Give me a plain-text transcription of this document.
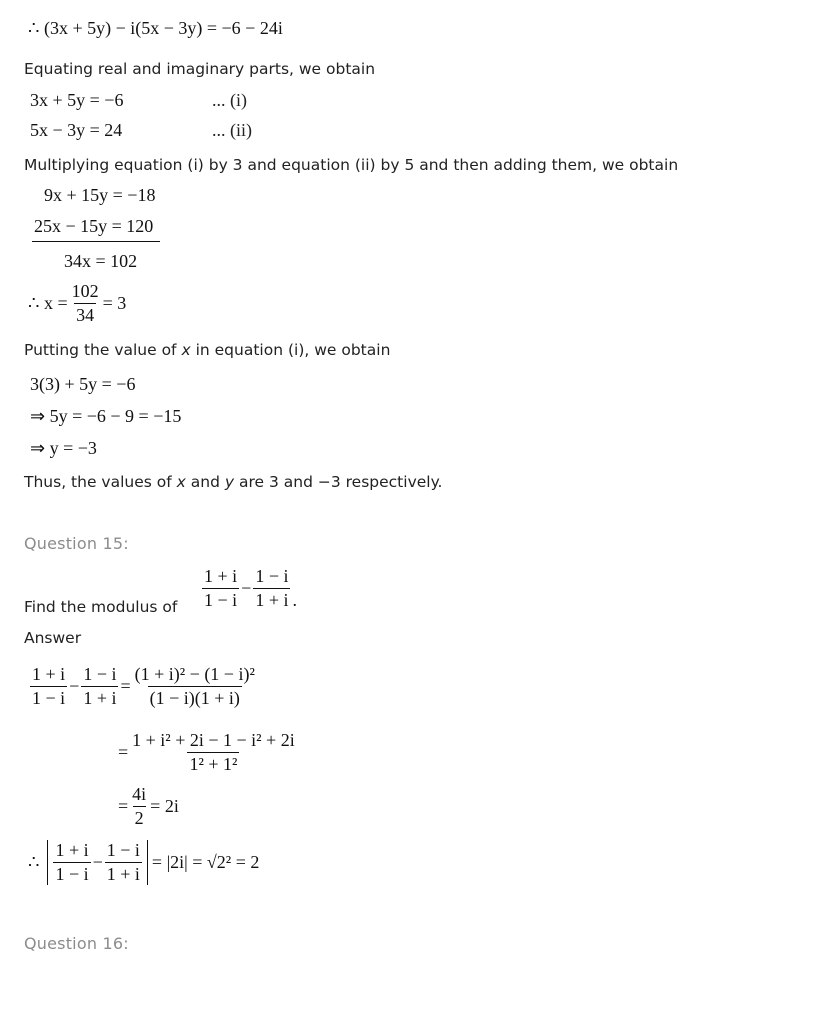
∴ (3x + 5y) − i(5x − 3y) = −6 − 24i
Equating real and imaginary parts, we obtain
3x + 5y = −6	... (i)
5x − 3y = 24	... (ii)
Multiplying equation (i) by 3 and equation (ii) by 5 and then adding them, we obtain
9x + 15y = −18
25x − 15y = 120
34x = 102
∴ $x = \frac{102}{34} = 3$
Putting the value of x in equation (i), we obtain
3(3) + 5y = −6
⇒ 5y = −6 − 9 = −15
⇒ y = −3
Thus, the values of x and y are 3 and −3 respectively.
Question 15:
Find the modulus of $\frac{1 + i}{1 - i} - \frac{1 - i}{1 + i}$ .
Answer
$\frac{1 + i}{1 - i} - \frac{1 - i}{1 + i} = \frac{\text{(1 + i)² − (1 − i)²}}{(1 - i)(1 + i)}$
= $\frac{\text{1 + i² + 2i − 1 − i² + 2i}}{\text{1² + 1²}}$
= $\frac{4i}{2} = 2i$
∴ $\frac{1 + i}{1 - i} - \frac{1 - i}{1 + i} = |2i| = √2^2 = 2$
Question 16:
